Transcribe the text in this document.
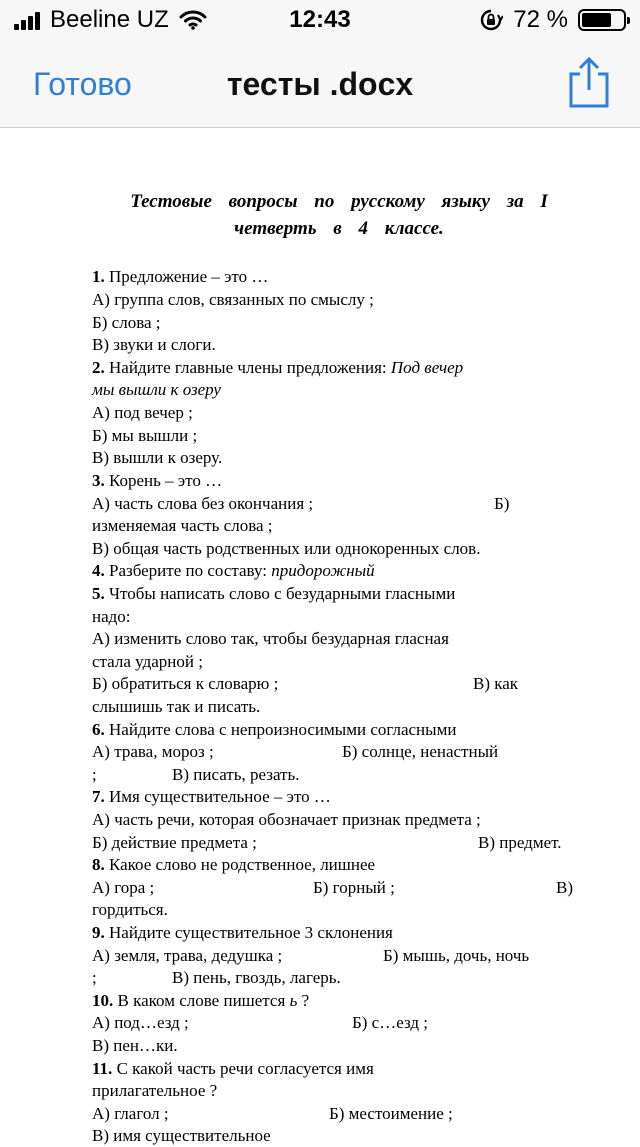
Beeline UZ	12:43	72 %
Готово	тесты .docx
Тестовые вопросы по русскому языку за I
четверть в 4 классе.
1. Предложение – это …
А) группа слов, связанных по смыслу ;
Б) слова ;
В) звуки и слоги.
2. Найдите главные члены предложения: Под вечер
мы вышли к озеру
А) под вечер ;
Б) мы вышли ;
В) вышли к озеру.
3. Корень – это …
А) часть слова без окончания ;	Б)
изменяемая часть слова ;
В) общая часть родственных или однокоренных слов.
4. Разберите по составу: придорожный
5. Чтобы написать слово с безударными гласными
надо:
А) изменить слово так, чтобы безударная гласная
стала ударной ;
Б) обратиться к словарю ;	В) как
слышишь так и писать.
6. Найдите слова с непроизносимыми согласными
А) трава, мороз ;	Б) солнце, ненастный
;	В) писать, резать.
7. Имя существительное – это …
А) часть речи, которая обозначает признак предмета ;
Б) действие предмета ;	В) предмет.
8. Какое слово не родственное, лишнее
А) гора ;	Б) горный ;	В)
гордиться.
9. Найдите существительное 3 склонения
А) земля, трава, дедушка ;	Б) мышь, дочь, ночь
;	В) пень, гвоздь, лагерь.
10. В каком слове пишется ь ?
А) под…езд ;	Б) с…езд ;
В) пен…ки.
11. С какой часть речи согласуется имя
прилагательное ?
А) глагол ;	Б) местоимение ;
В) имя существительное
